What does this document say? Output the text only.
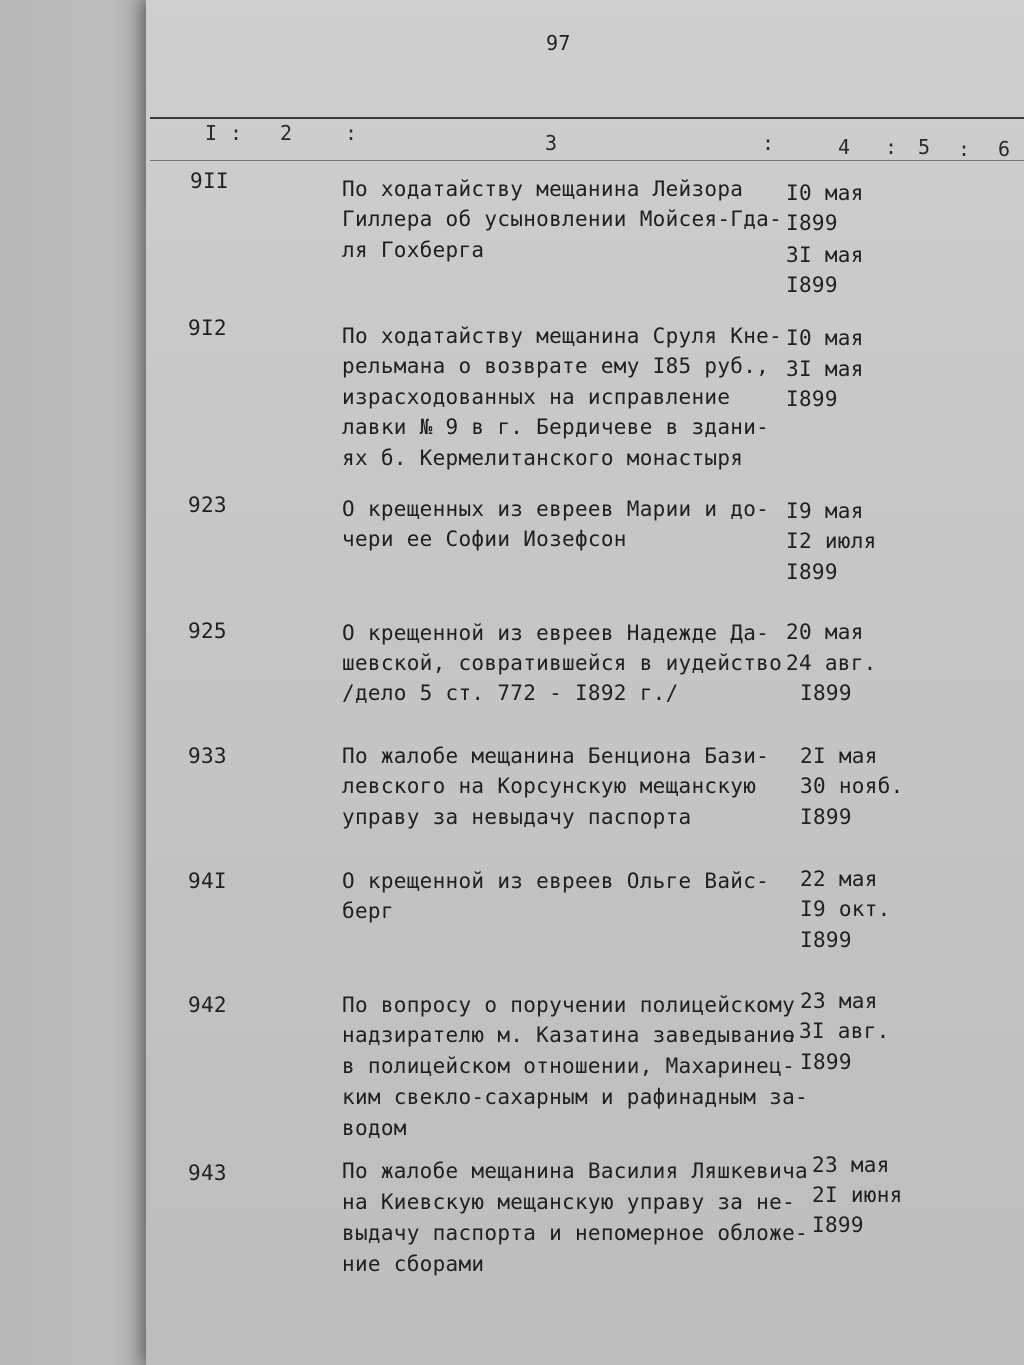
97
I : 2	:	3	:	4 : 5 : 6
9II	По ходатайству мещанина Лейзора
Гиллера об усыновлении Мойсея-Гда-
ля Гохберга
I0 мая
I899
3I мая
I899
9I2	По ходатайству мещанина Сруля Кне-
рельмана о возврате ему I85 руб.,
израсходованных на исправление
лавки № 9 в г. Бердичеве в здани-
ях б. Кермелитанского монастыря
I0 мая
3I мая
I899
923	О крещенных из евреев Марии и до-
чери ее Софии Иозефсон
I9 мая
I2 июля
I899
925	О крещенной из евреев Надежде Да-
шевской, совратившейся в иудейство
/дело 5 ст. 772 - I892 г./
20 мая
24 авг.
I899
933	По жалобе мещанина Бенциона Бази-
левского на Корсунскую мещанскую
управу за невыдачу паспорта
2I мая
30 нояб.
I899
94I	О крещенной из евреев Ольге Вайс-
берг
22 мая
I9 окт.
I899
942	По вопросу о поручении полицейскому
надзирателю м. Казатина заведывание
в полицейском отношении, Махаринец-
ким свекло-сахарным и рафинадным за-
водом
23 мая
,3I авг.
I899
943	По жалобе мещанина Василия Ляшкевича
на Киевскую мещанскую управу за не-
выдачу паспорта и непомерное обложе-
ние сборами
23 мая
2I июня
I899
